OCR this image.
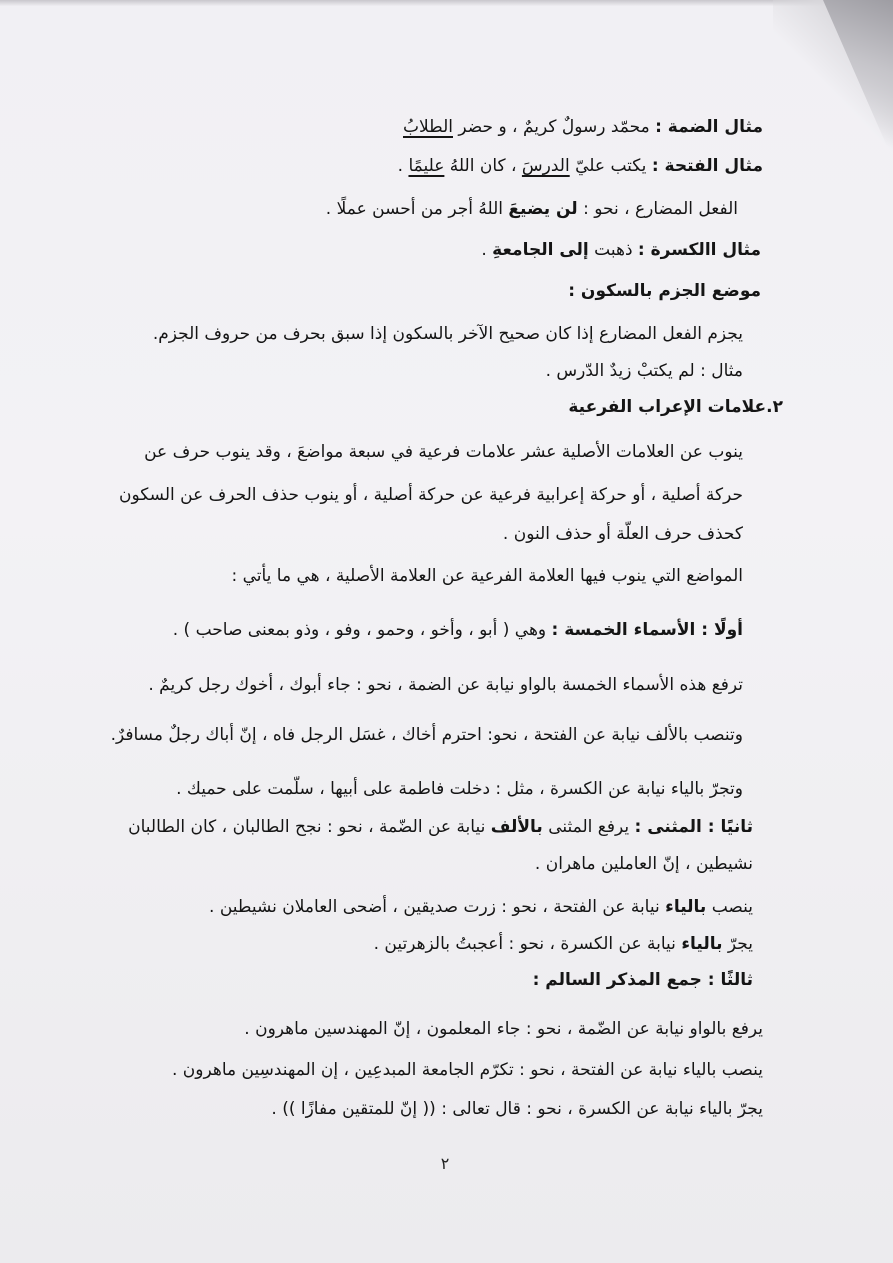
مثال الضمة : محمّد رسولٌ كريمٌ ، و حضر الطلابُ

مثال الفتحة : يكتب عليّ الدرسَ ، كان اللهُ عليمًا .

الفعل المضارع ، نحو : لن يضيعَ اللهُ أجر من أحسن عملًا .

مثال االكسرة : ذهبت إلى الجامعةِ .

موضع الجزم بالسكون :

يجزم الفعل المضارع إذا كان صحيح الآخر بالسكون إذا سبق بحرف من حروف الجزم.

مثال : لم يكتبْ زيدٌ الدّرس .

٢.علامات الإعراب الفرعية

ينوب عن العلامات الأصلية عشر علامات فرعية في سبعة مواضعَ ، وقد ينوب حرف عن

حركة أصلية ، أو حركة إعرابية فرعية عن حركة أصلية ، أو ينوب حذف الحرف عن السكون

كحذف حرف العلّة أو حذف النون .

المواضع التي ينوب فيها العلامة الفرعية عن العلامة الأصلية ، هي ما يأتي :

أولًا : الأسماء الخمسة : وهي ( أبو ، وأخو ، وحمو ، وفو ، وذو بمعنى صاحب ) .

ترفع هذه الأسماء الخمسة بالواو نيابة عن الضمة ، نحو : جاء أبوك ، أخوك رجل كريمٌ .

وتنصب بالألف نيابة عن الفتحة ، نحو: احترم أخاك ، غسَل الرجل فاه ، إنّ أباك رجلٌ مسافرٌ.

وتجرّ بالياء نيابة عن الكسرة ، مثل : دخلت فاطمة على أبيها ، سلّمت على حميك .

ثانيًا : المثنى : يرفع المثنى بالألف نيابة عن الضّمة ، نحو : نجح الطالبان ، كان الطالبان

نشيطين ، إنّ العاملين ماهران .

ينصب بالياء نيابة عن الفتحة ، نحو : زرت صديقين ، أضحى العاملان نشيطين .

يجرّ بالياء نيابة عن الكسرة ، نحو : أعجبتُ بالزهرتين .

ثالثًا : جمع المذكر السالم :

يرفع بالواو نيابة عن الضّمة ، نحو : جاء المعلمون ، إنّ المهندسين ماهرون .

ينصب بالياء نيابة عن الفتحة ، نحو : تكرّم الجامعة المبدعِين ، إن المهندسِين ماهرون .

يجرّ بالياء نيابة عن الكسرة ، نحو : قال تعالى : (( إنّ للمتقين مفازًا )) .

٢
